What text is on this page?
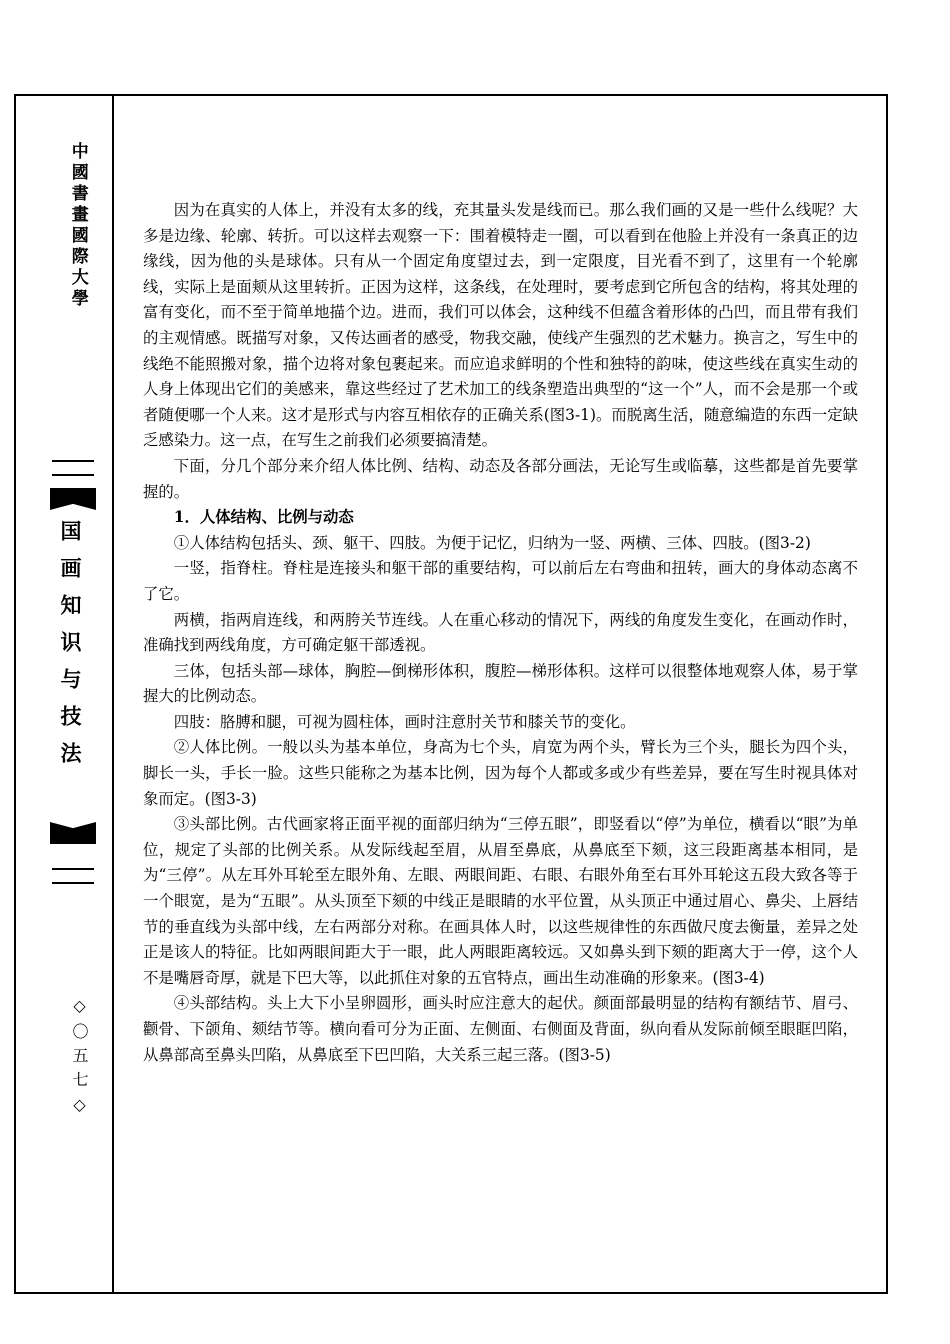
中國書畫國際大學
国画知识与技法
◇〇五七◇

因为在真实的人体上，并没有太多的线，充其量头发是线而已。那么我们画的又是一些什么线呢？大多是边缘、轮廓、转折。可以这样去观察一下：围着模特走一圈，可以看到在他脸上并没有一条真正的边缘线，因为他的头是球体。只有从一个固定角度望过去，到一定限度，目光看不到了，这里有一个轮廓线，实际上是面颊从这里转折。正因为这样，这条线，在处理时，要考虑到它所包含的结构，将其处理的富有变化，而不至于简单地描个边。进而，我们可以体会，这种线不但蕴含着形体的凸凹，而且带有我们的主观情感。既描写对象，又传达画者的感受，物我交融，使线产生强烈的艺术魅力。换言之，写生中的线绝不能照搬对象，描个边将对象包裹起来。而应追求鲜明的个性和独特的韵味，使这些线在真实生动的人身上体现出它们的美感来，靠这些经过了艺术加工的线条塑造出典型的“这一个”人，而不会是那一个或者随便哪一个人来。这才是形式与内容互相依存的正确关系(图3-1)。而脱离生活，随意编造的东西一定缺乏感染力。这一点，在写生之前我们必须要搞清楚。

下面，分几个部分来介绍人体比例、结构、动态及各部分画法，无论写生或临摹，这些都是首先要掌握的。

1．人体结构、比例与动态

①人体结构包括头、颈、躯干、四肢。为便于记忆，归纳为一竖、两横、三体、四肢。(图3-2)

一竖，指脊柱。脊柱是连接头和躯干部的重要结构，可以前后左右弯曲和扭转，画大的身体动态离不了它。

两横，指两肩连线，和两胯关节连线。人在重心移动的情况下，两线的角度发生变化，在画动作时，准确找到两线角度，方可确定躯干部透视。

三体，包括头部—球体，胸腔—倒梯形体积，腹腔—梯形体积。这样可以很整体地观察人体，易于掌握大的比例动态。

四肢：胳膊和腿，可视为圆柱体，画时注意肘关节和膝关节的变化。

②人体比例。一般以头为基本单位，身高为七个头，肩宽为两个头，臂长为三个头，腿长为四个头，脚长一头，手长一脸。这些只能称之为基本比例，因为每个人都或多或少有些差异，要在写生时视具体对象而定。(图3-3)

③头部比例。古代画家将正面平视的面部归纳为“三停五眼”，即竖看以“停”为单位，横看以“眼”为单位，规定了头部的比例关系。从发际线起至眉，从眉至鼻底，从鼻底至下颏，这三段距离基本相同，是为“三停”。从左耳外耳轮至左眼外角、左眼、两眼间距、右眼、右眼外角至右耳外耳轮这五段大致各等于一个眼宽，是为“五眼”。从头顶至下颏的中线正是眼睛的水平位置，从头顶正中通过眉心、鼻尖、上唇结节的垂直线为头部中线，左右两部分对称。在画具体人时，以这些规律性的东西做尺度去衡量，差异之处正是该人的特征。比如两眼间距大于一眼，此人两眼距离较远。又如鼻头到下颏的距离大于一停，这个人不是嘴唇奇厚，就是下巴大等，以此抓住对象的五官特点，画出生动准确的形象来。(图3-4)

④头部结构。头上大下小呈卵圆形，画头时应注意大的起伏。颜面部最明显的结构有额结节、眉弓、颧骨、下颌角、颏结节等。横向看可分为正面、左侧面、右侧面及背面，纵向看从发际前倾至眼眶凹陷，从鼻部高至鼻头凹陷，从鼻底至下巴凹陷，大关系三起三落。(图3-5)
